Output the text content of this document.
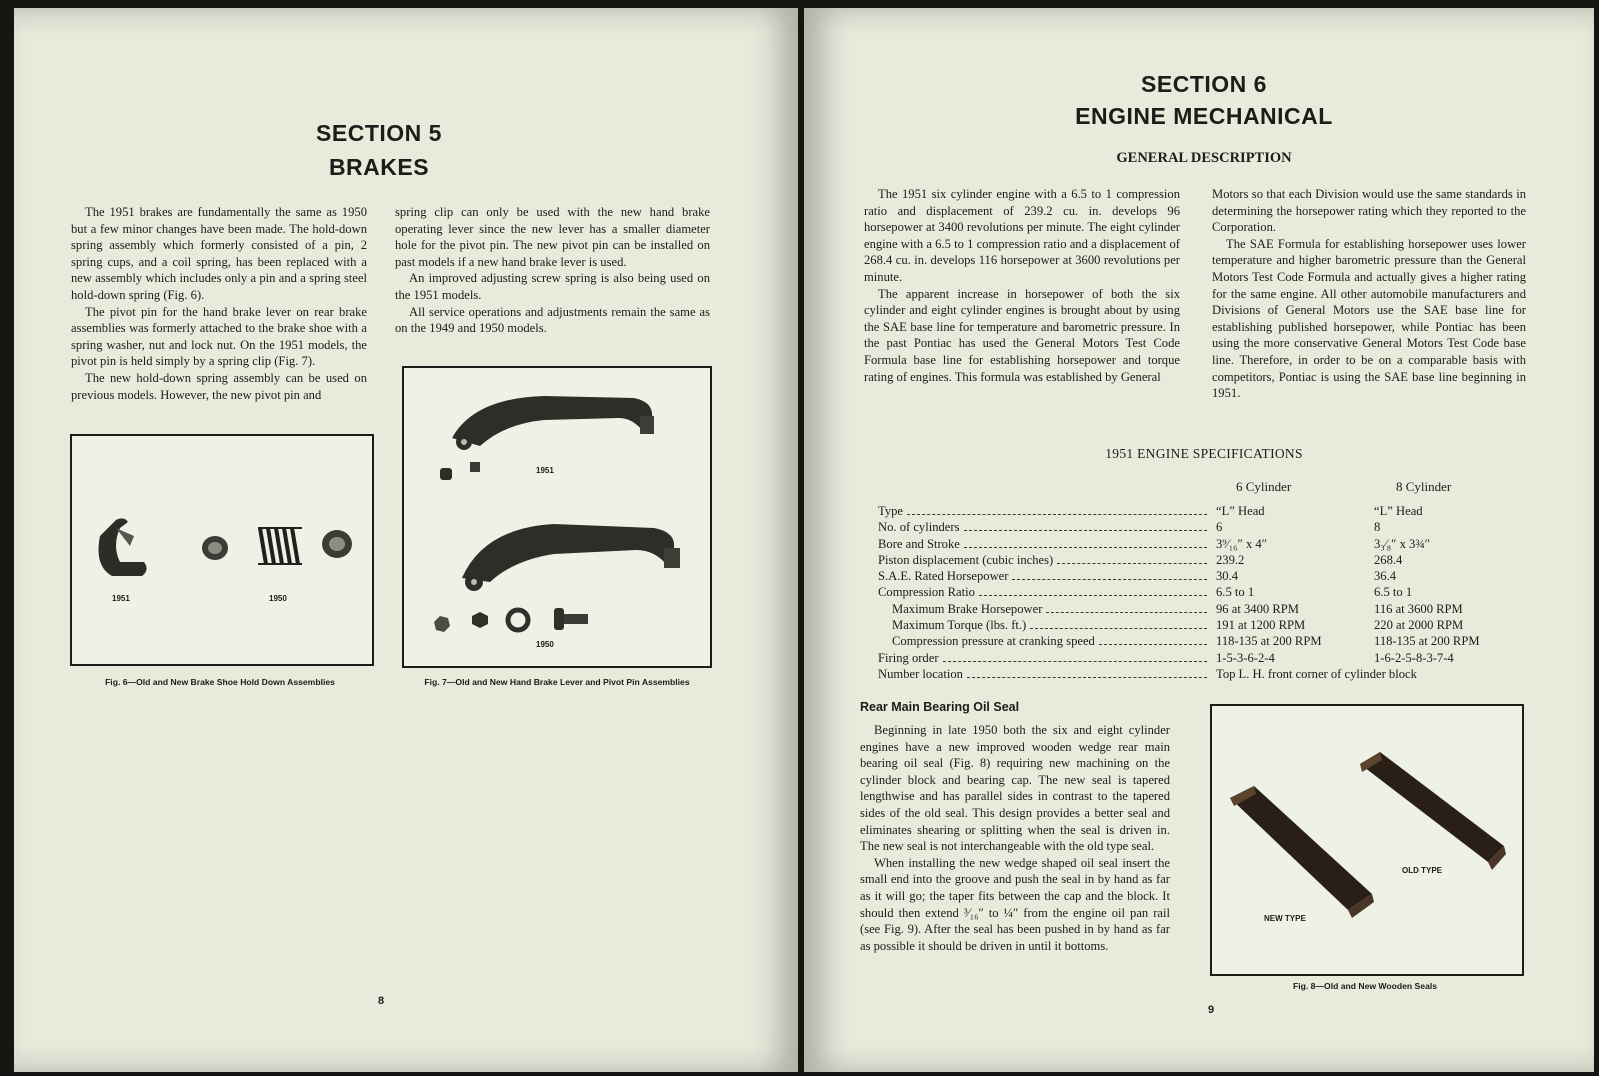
SECTION 5
BRAKES

The 1951 brakes are fundamentally the same as 1950 but a few minor changes have been made. The hold-down spring assembly which formerly consisted of a pin, 2 spring cups, and a coil spring, has been replaced with a new assembly which includes only a pin and a spring steel hold-down spring (Fig. 6).

The pivot pin for the hand brake lever on rear brake assemblies was formerly attached to the brake shoe with a spring washer, nut and lock nut. On the 1951 models, the pivot pin is held simply by a spring clip (Fig. 7).

The new hold-down spring assembly can be used on previous models. However, the new pivot pin and

spring clip can only be used with the new hand brake operating lever since the new lever has a smaller diameter hole for the pivot pin. The new pivot pin can be installed on past models if a new hand brake lever is used.

An improved adjusting screw spring is also being used on the 1951 models.

All service operations and adjustments remain the same as on the 1949 and 1950 models.

1951	1950
Fig. 6—Old and New Brake Shoe Hold Down Assemblies
1951
1950
Fig. 7—Old and New Hand Brake Lever and Pivot Pin Assemblies
8
SECTION 6
ENGINE MECHANICAL
GENERAL DESCRIPTION

The 1951 six cylinder engine with a 6.5 to 1 compression ratio and displacement of 239.2 cu. in. develops 96 horsepower at 3400 revolutions per minute. The eight cylinder engine with a 6.5 to 1 compression ratio and a displacement of 268.4 cu. in. develops 116 horsepower at 3600 revolutions per minute.

The apparent increase in horsepower of both the six cylinder and eight cylinder engines is brought about by using the SAE base line for temperature and barometric pressure. In the past Pontiac has used the General Motors Test Code Formula base line for establishing horsepower and torque rating of engines. This formula was established by General

Motors so that each Division would use the same standards in determining the horsepower rating which they reported to the Corporation.

The SAE Formula for establishing horsepower uses lower temperature and higher barometric pressure than the General Motors Test Code Formula and actually gives a higher rating for the same engine. All other automobile manufacturers and Divisions of General Motors use the SAE base line for establishing published horsepower, while Pontiac has been using the more conservative General Motors Test Code base line. Therefore, in order to be on a comparable basis with competitors, Pontiac is using the SAE base line beginning in 1951.

1951 ENGINE SPECIFICATIONS
6 Cylinder	8 Cylinder
Type	“L” Head	“L” Head

No. of cylinders	6	8

Bore and Stroke	3⁹⁄₁₆″ x 4″	3₃⁄₈″ x 3¾″

Piston displacement (cubic inches)	239.2	268.4

S.A.E. Rated Horsepower	30.4	36.4

Compression Ratio	6.5 to 1	6.5 to 1

Maximum Brake Horsepower	96 at 3400 RPM	116 at 3600 RPM

Maximum Torque (lbs. ft.)	191 at 1200 RPM	220 at 2000 RPM

Compression pressure at cranking speed	118-135 at 200 RPM	118-135 at 200 RPM

Firing order	1-5-3-6-2-4	1-6-2-5-8-3-7-4

Number location	Top L. H. front corner of cylinder block	
Rear Main Bearing Oil Seal

Beginning in late 1950 both the six and eight cylinder engines have a new improved wooden wedge rear main bearing oil seal (Fig. 8) requiring new machining on the cylinder block and bearing cap. The new seal is tapered lengthwise and has parallel sides in contrast to the tapered sides of the old seal. This design provides a better seal and eliminates shearing or splitting when the seal is driven in. The new seal is not interchangeable with the old type seal.

When installing the new wedge shaped oil seal insert the small end into the groove and push the seal in by hand as far as it will go; the taper fits between the cap and the block. It should then extend ³⁄₁₆″ to ¼″ from the engine oil pan rail (see Fig. 9). After the seal has been pushed in by hand as far as possible it should be driven in until it bottoms.

OLD TYPE
NEW TYPE
Fig. 8—Old and New Wooden Seals
9
